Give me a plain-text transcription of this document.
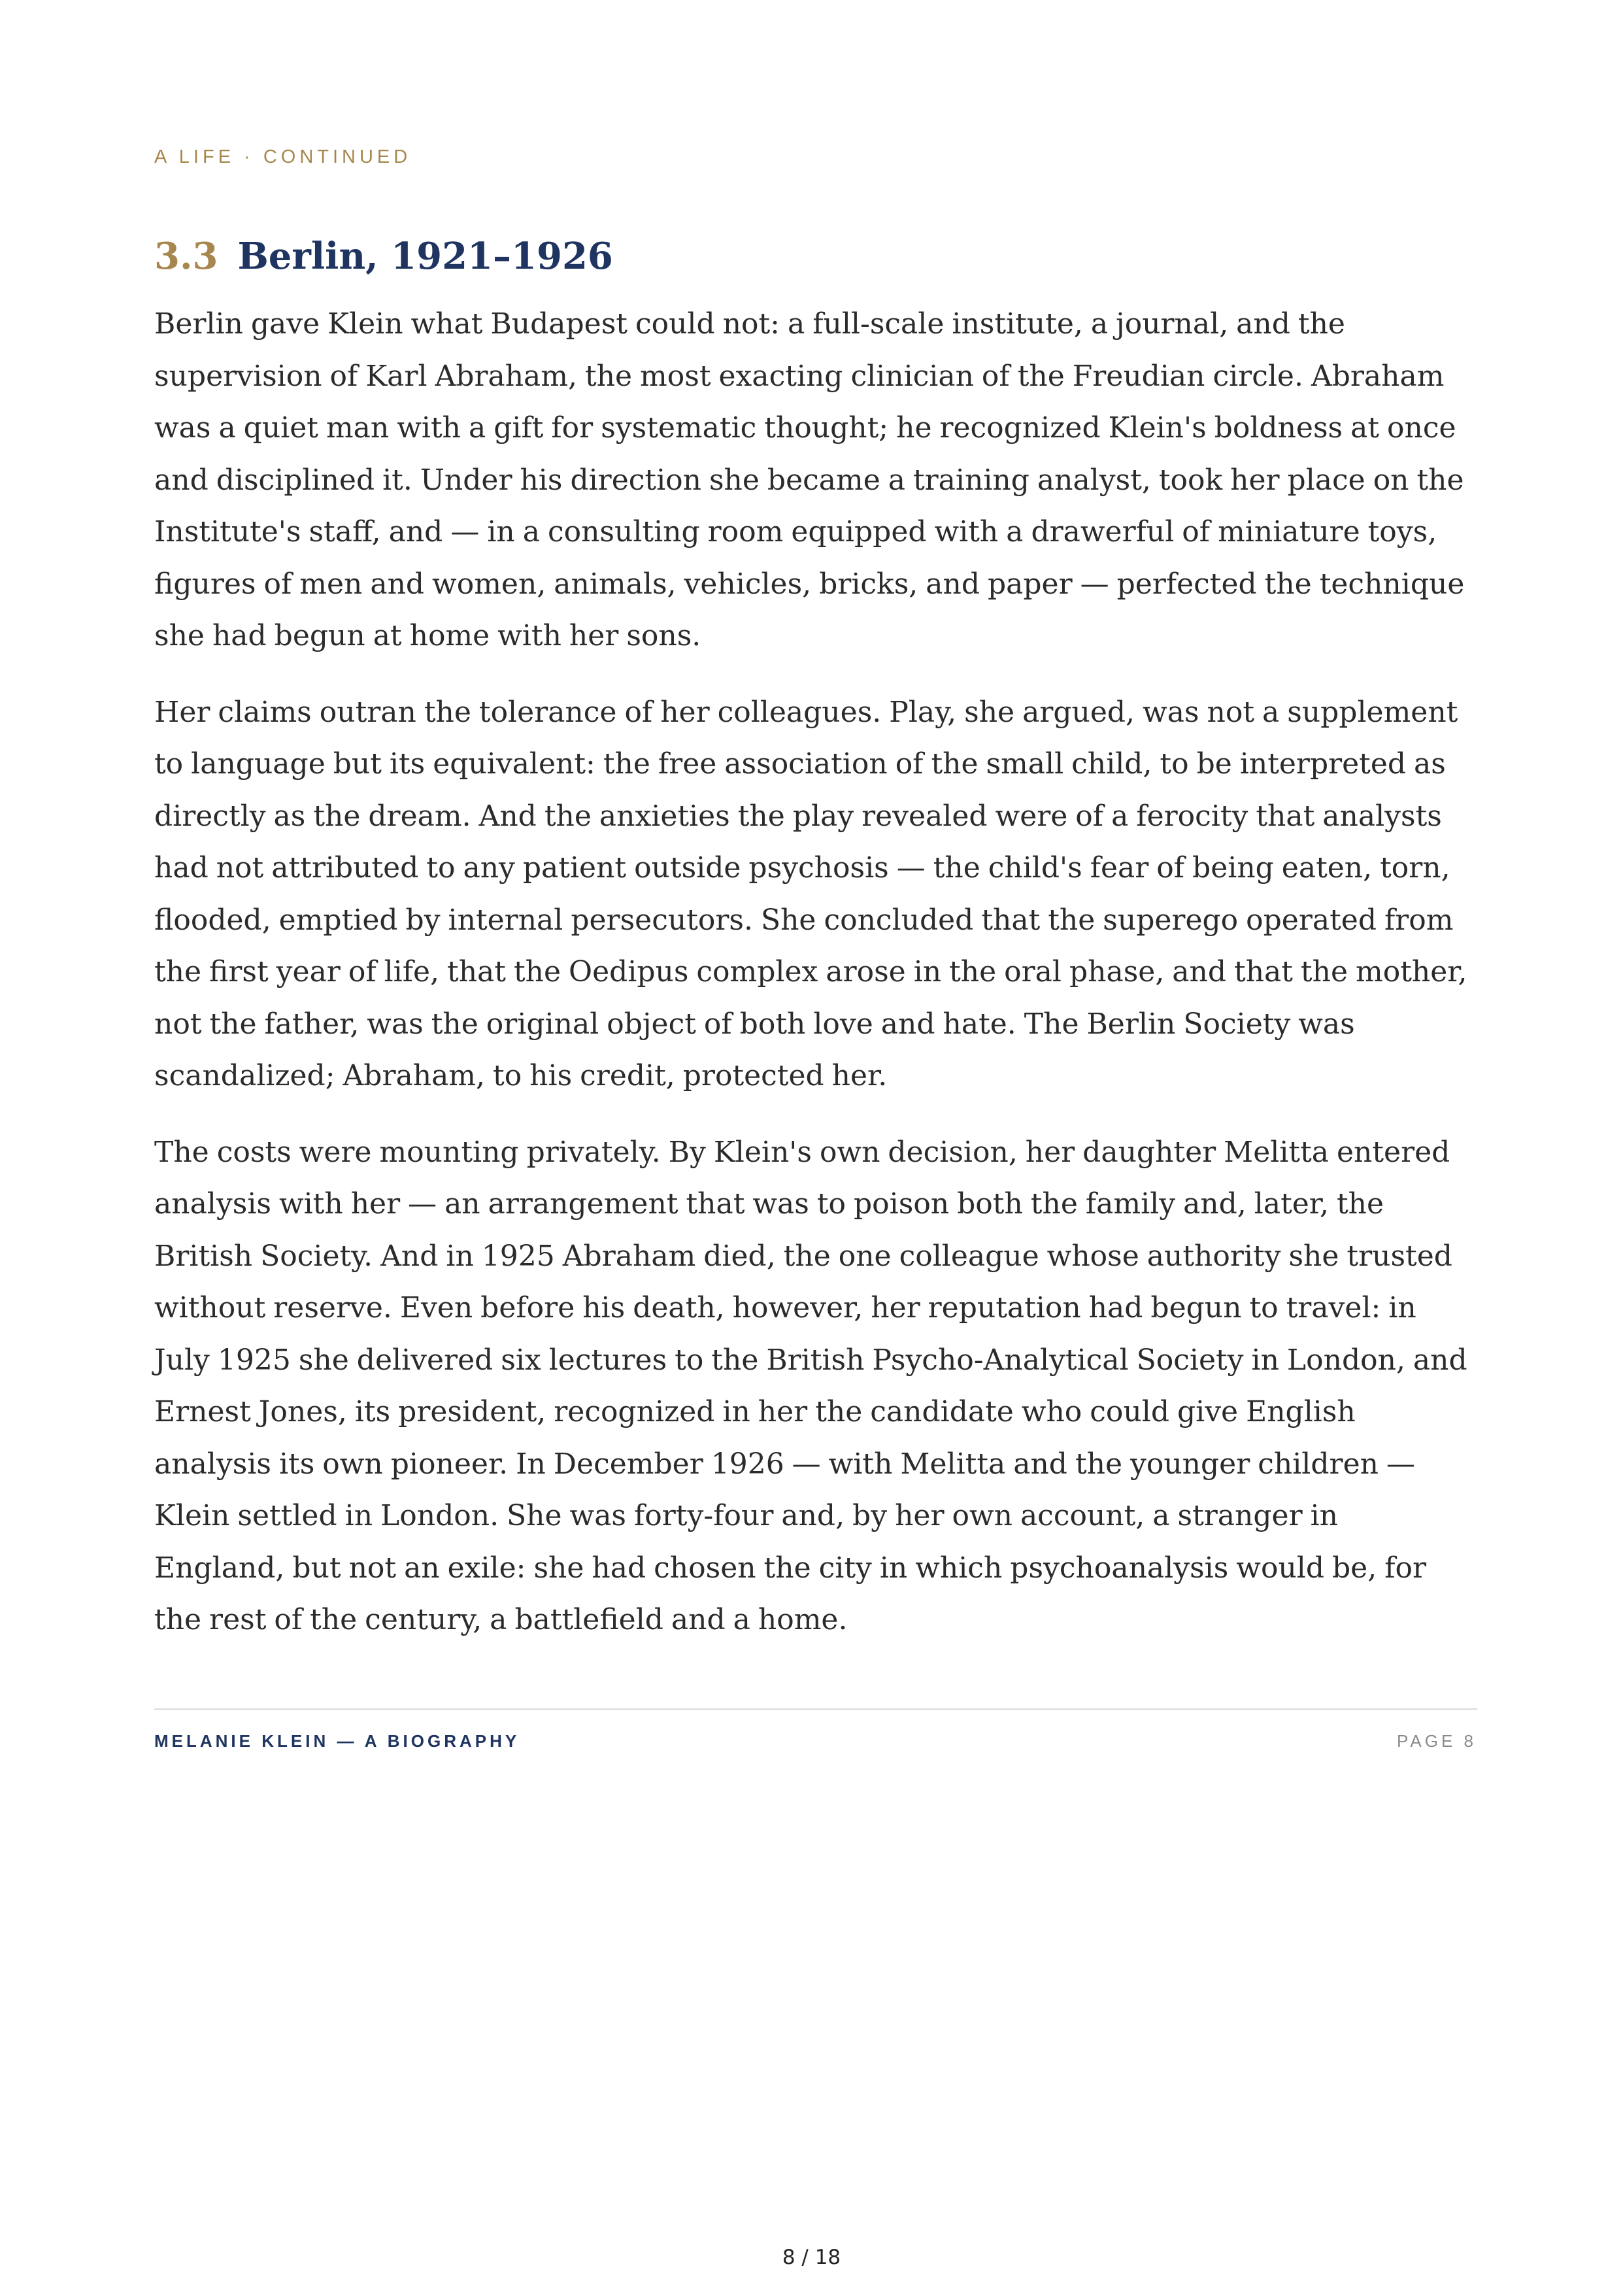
A LIFE · CONTINUED
3.3 Berlin, 1921–1926

Berlin gave Klein what Budapest could not: a full-scale institute, a journal, and the supervision of Karl Abraham, the most exacting clinician of the Freudian circle. Abraham was a quiet man with a gift for systematic thought; he recognized Klein's boldness at once and disciplined it. Under his direction she became a training analyst, took her place on the Institute's staff, and — in a consulting room equipped with a drawerful of miniature toys, figures of men and women, animals, vehicles, bricks, and paper — perfected the technique she had begun at home with her sons.

Her claims outran the tolerance of her colleagues. Play, she argued, was not a supplement to language but its equivalent: the free association of the small child, to be interpreted as directly as the dream. And the anxieties the play revealed were of a ferocity that analysts had not attributed to any patient outside psychosis — the child's fear of being eaten, torn, flooded, emptied by internal persecutors. She concluded that the superego operated from the first year of life, that the Oedipus complex arose in the oral phase, and that the mother, not the father, was the original object of both love and hate. The Berlin Society was scandalized; Abraham, to his credit, protected her.

The costs were mounting privately. By Klein's own decision, her daughter Melitta entered analysis with her — an arrangement that was to poison both the family and, later, the British Society. And in 1925 Abraham died, the one colleague whose authority she trusted without reserve. Even before his death, however, her reputation had begun to travel: in July 1925 she delivered six lectures to the British Psycho-Analytical Society in London, and Ernest Jones, its president, recognized in her the candidate who could give English analysis its own pioneer. In December 1926 — with Melitta and the younger children — Klein settled in London. She was forty-four and, by her own account, a stranger in England, but not an exile: she had chosen the city in which psychoanalysis would be, for the rest of the century, a battlefield and a home.

MELANIE KLEIN — A BIOGRAPHY	PAGE 8
8 / 18
